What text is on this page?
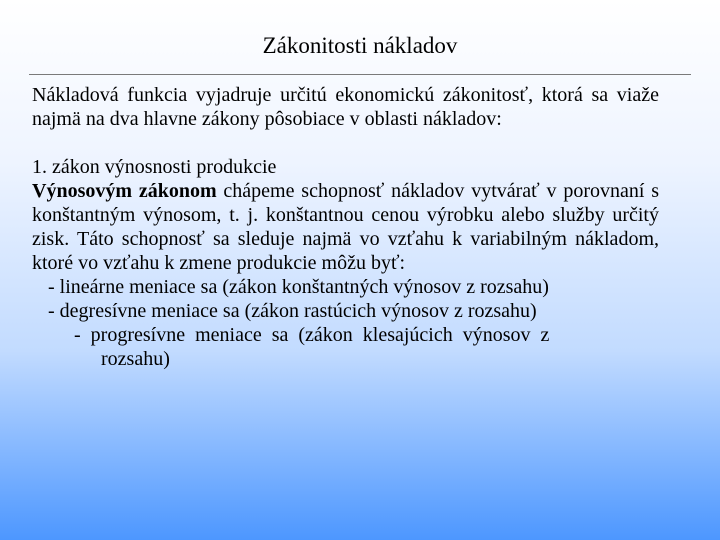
Zákonitosti nákladov

Nákladová funkcia vyjadruje určitú ekonomickú zákonitosť, ktorá sa viaže najmä na dva hlavne zákony pôsobiace v oblasti nákladov:

1. zákon výnosnosti produkcie

Výnosovým zákonom chápeme schopnosť nákladov vytvárať v porovnaní s konštantným výnosom, t. j. konštantnou cenou výrobku alebo služby určitý zisk. Táto schopnosť sa sleduje najmä vo vzťahu k variabilným nákladom, ktoré vo vzťahu k zmene produkcie môžu byť:

- lineárne meniace sa (zákon konštantných výnosov z rozsahu)

- degresívne meniace sa (zákon rastúcich výnosov z rozsahu)

-  progresívne  meniace  sa  (zákon  klesajúcich  výnosov  z
rozsahu)
